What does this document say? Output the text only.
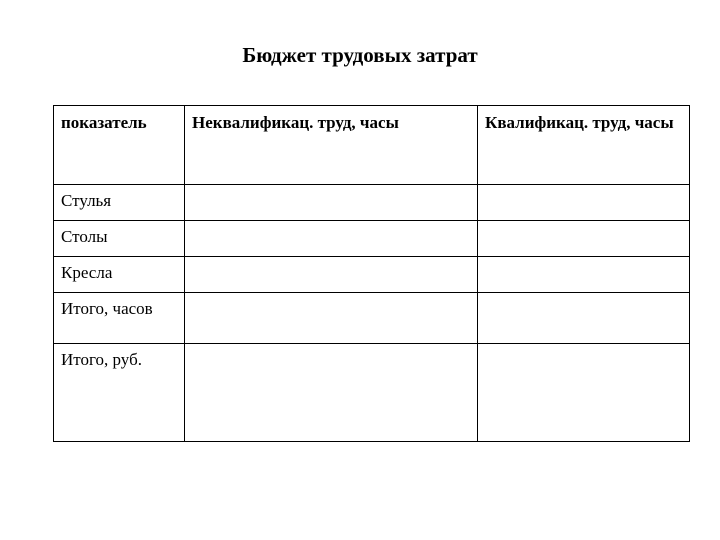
Бюджет трудовых затрат
показатель	Неквалификац. труд, часы	Квалификац. труд, часы
Стулья		
Столы		
Кресла		
Итого, часов		
Итого, руб.		
